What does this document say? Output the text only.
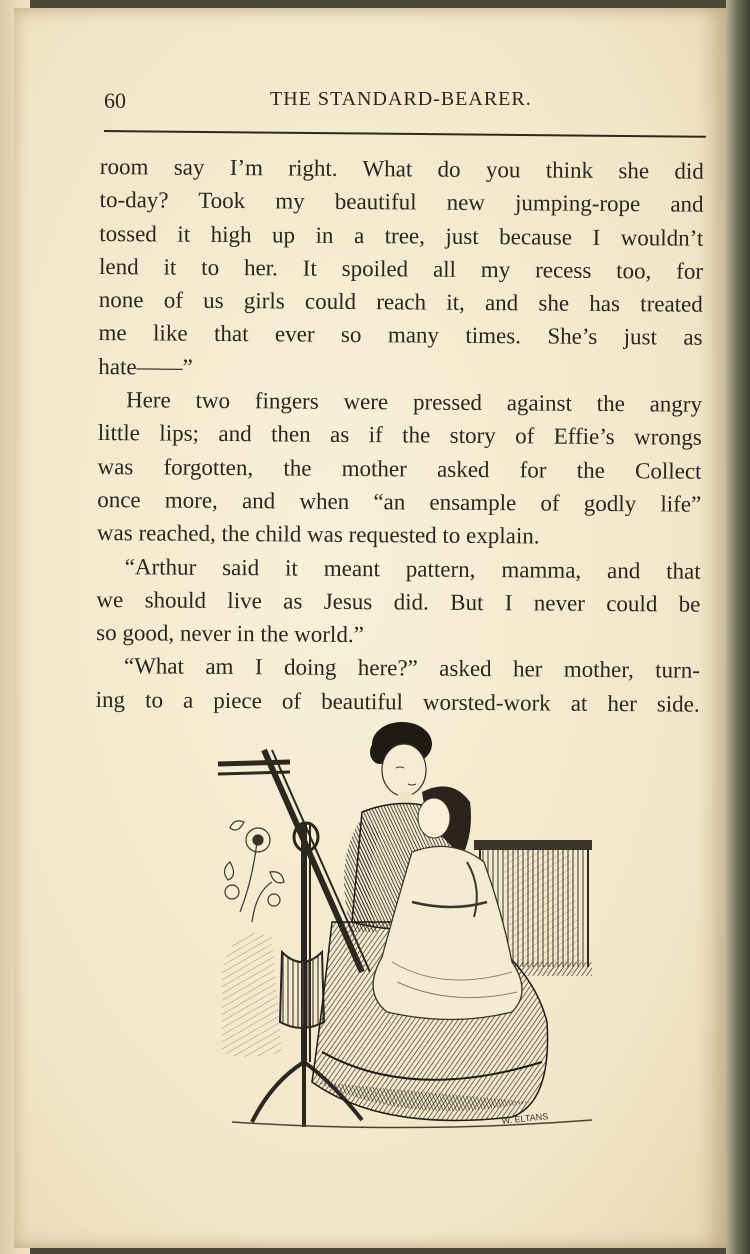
60	THE STANDARD-BEARER.

room say I’m right. What do you think she did
to-day? Took my beautiful new jumping-rope and
tossed it high up in a tree, just because I wouldn’t
lend it to her. It spoiled all my recess too, for
none of us girls could reach it, and she has treated
me like that ever so many times. She’s just as
hate——”

Here two fingers were pressed against the angry
little lips; and then as if the story of Effie’s wrongs
was forgotten, the mother asked for the Collect
once more, and when “an ensample of godly life”
was reached, the child was requested to explain.

“Arthur said it meant pattern, mamma, and that
we should live as Jesus did. But I never could be
so good, never in the world.”

“What am I doing here?” asked her mother, turn-
ing to a piece of beautiful worsted-work at her side.

W. ELTANS
